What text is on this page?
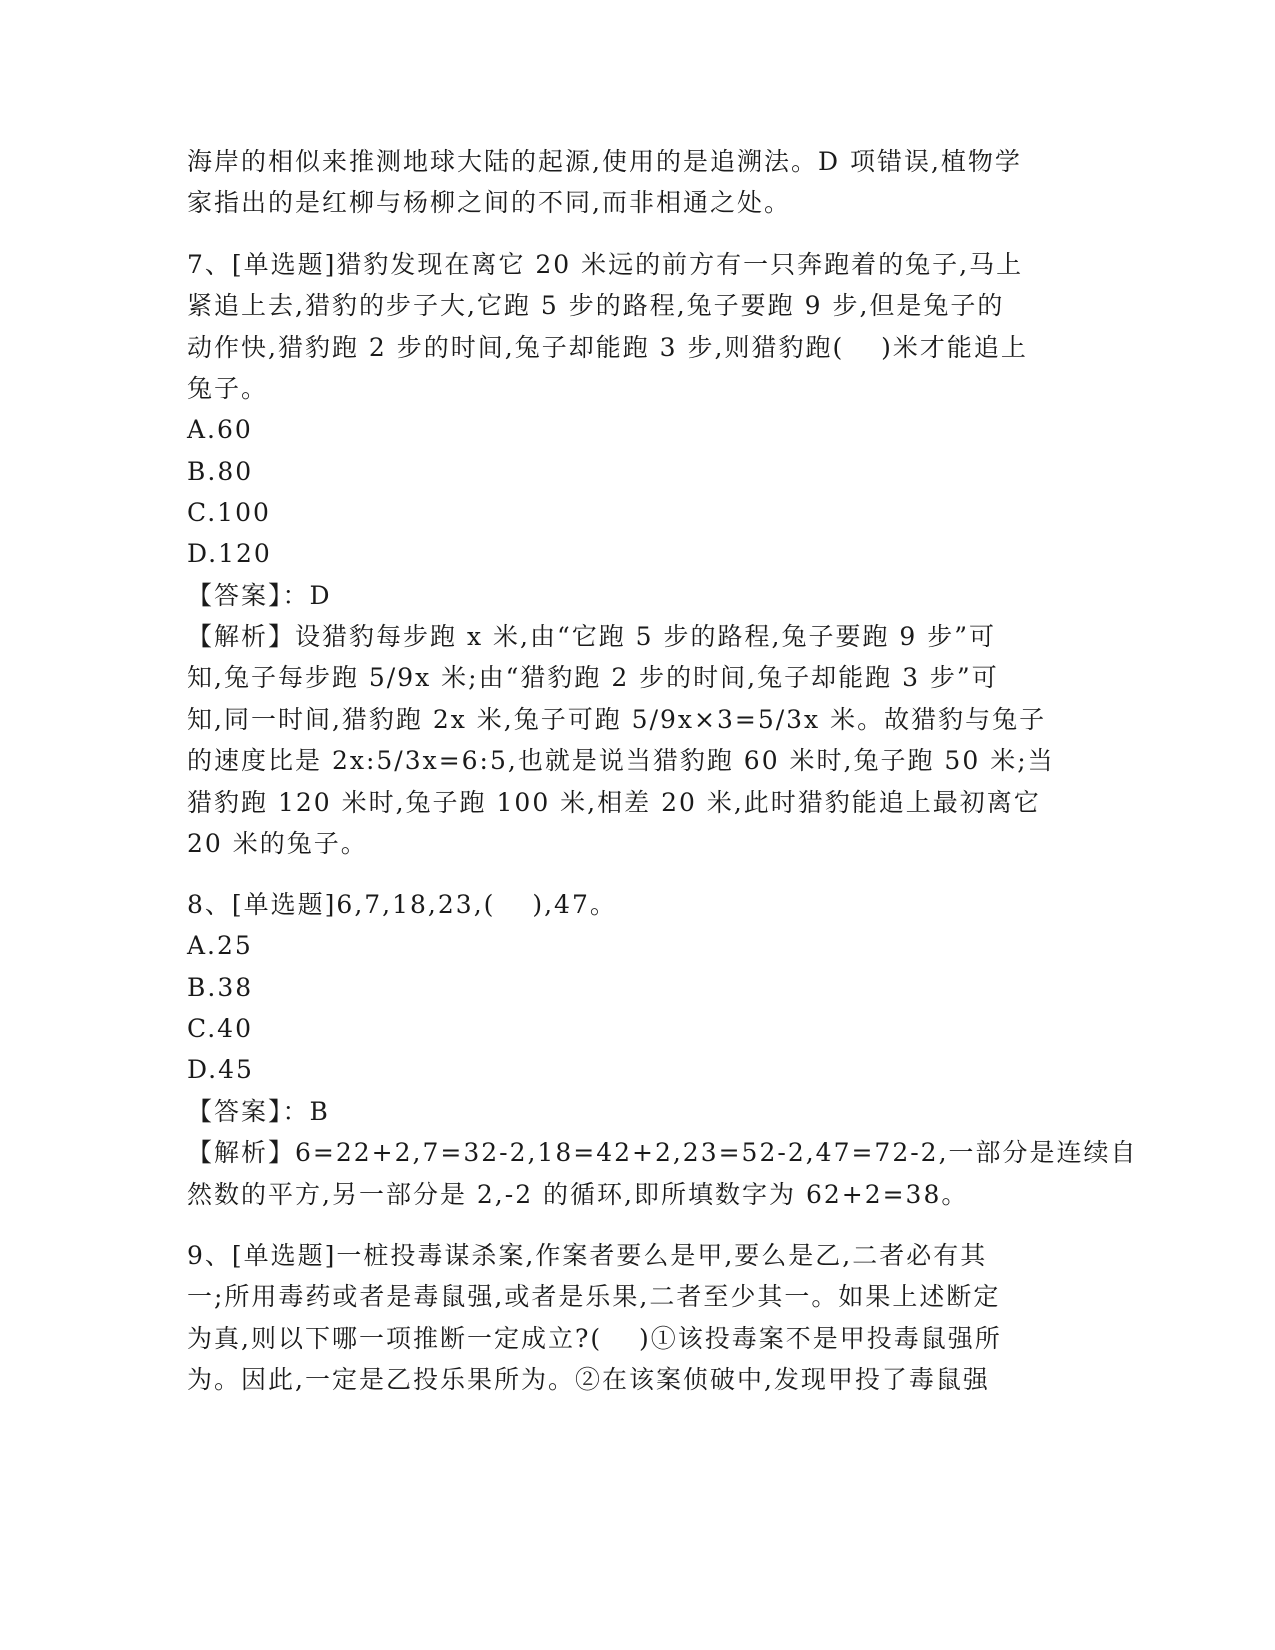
海岸的相似来推测地球大陆的起源,使用的是追溯法。D 项错误,植物学
家指出的是红柳与杨柳之间的不同,而非相通之处。
7、[单选题]猎豹发现在离它 20 米远的前方有一只奔跑着的兔子,马上
紧追上去,猎豹的步子大,它跑 5 步的路程,兔子要跑 9 步,但是兔子的
动作快,猎豹跑 2 步的时间,兔子却能跑 3 步,则猎豹跑(　 )米才能追上
兔子。
A.60
B.80
C.100
D.120
【答案】：D
【解析】设猎豹每步跑 x 米,由“它跑 5 步的路程,兔子要跑 9 步”可
知,兔子每步跑 5/9x 米;由“猎豹跑 2 步的时间,兔子却能跑 3 步”可
知,同一时间,猎豹跑 2x 米,兔子可跑 5/9x×3=5/3x 米。故猎豹与兔子
的速度比是 2x:5/3x=6:5,也就是说当猎豹跑 60 米时,兔子跑 50 米;当
猎豹跑 120 米时,兔子跑 100 米,相差 20 米,此时猎豹能追上最初离它
20 米的兔子。
8、[单选题]6,7,18,23,(　 ),47。
A.25
B.38
C.40
D.45
【答案】：B
【解析】6=22+2,7=32-2,18=42+2,23=52-2,47=72-2,一部分是连续自
然数的平方,另一部分是 2,-2 的循环,即所填数字为 62+2=38。
9、[单选题]一桩投毒谋杀案,作案者要么是甲,要么是乙,二者必有其
一;所用毒药或者是毒鼠强,或者是乐果,二者至少其一。如果上述断定
为真,则以下哪一项推断一定成立?(　 )①该投毒案不是甲投毒鼠强所
为。因此,一定是乙投乐果所为。②在该案侦破中,发现甲投了毒鼠强
